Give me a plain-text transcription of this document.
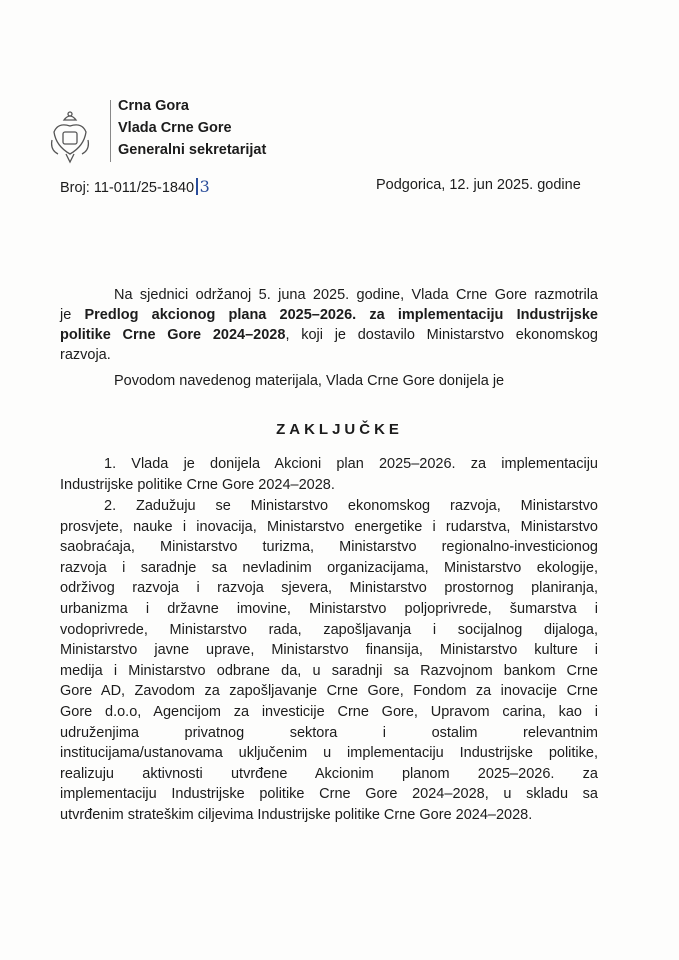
Crna Gora
Vlada Crne Gore
Generalni sekretarijat
Broj: 11-011/25-1840 3	Podgorica, 12. jun 2025. godine
Na sjednici održanoj 5. juna 2025. godine, Vlada Crne Gore razmotrila
je Predlog akcionog plana 2025–2026. za implementaciju Industrijske
politike Crne Gore 2024–2028, koji je dostavilo Ministarstvo ekonomskog
razvoja.
Povodom navedenog materijala, Vlada Crne Gore donijela je
ZAKLJUČKE
1. Vlada je donijela Akcioni plan 2025–2026. za implementaciju
Industrijske politike Crne Gore 2024–2028.
2. Zadužuju se Ministarstvo ekonomskog razvoja, Ministarstvo
prosvjete, nauke i inovacija, Ministarstvo energetike i rudarstva, Ministarstvo
saobraćaja, Ministarstvo turizma, Ministarstvo regionalno-investicionog
razvoja i saradnje sa nevladinim organizacijama, Ministarstvo ekologije,
održivog razvoja i razvoja sjevera, Ministarstvo prostornog planiranja,
urbanizma i državne imovine, Ministarstvo poljoprivrede, šumarstva i
vodoprivrede, Ministarstvo rada, zapošljavanja i socijalnog dijaloga,
Ministarstvo javne uprave, Ministarstvo finansija, Ministarstvo kulture i
medija i Ministarstvo odbrane da, u saradnji sa Razvojnom bankom Crne
Gore AD, Zavodom za zapošljavanje Crne Gore, Fondom za inovacije Crne
Gore d.o.o, Agencijom za investicije Crne Gore, Upravom carina, kao i
udruženjima privatnog sektora i ostalim relevantnim
institucijama/ustanovama uključenim u implementaciju Industrijske politike,
realizuju aktivnosti utvrđene Akcionim planom 2025–2026. za
implementaciju Industrijske politike Crne Gore 2024–2028, u skladu sa
utvrđenim strateškim ciljevima Industrijske politike Crne Gore 2024–2028.
